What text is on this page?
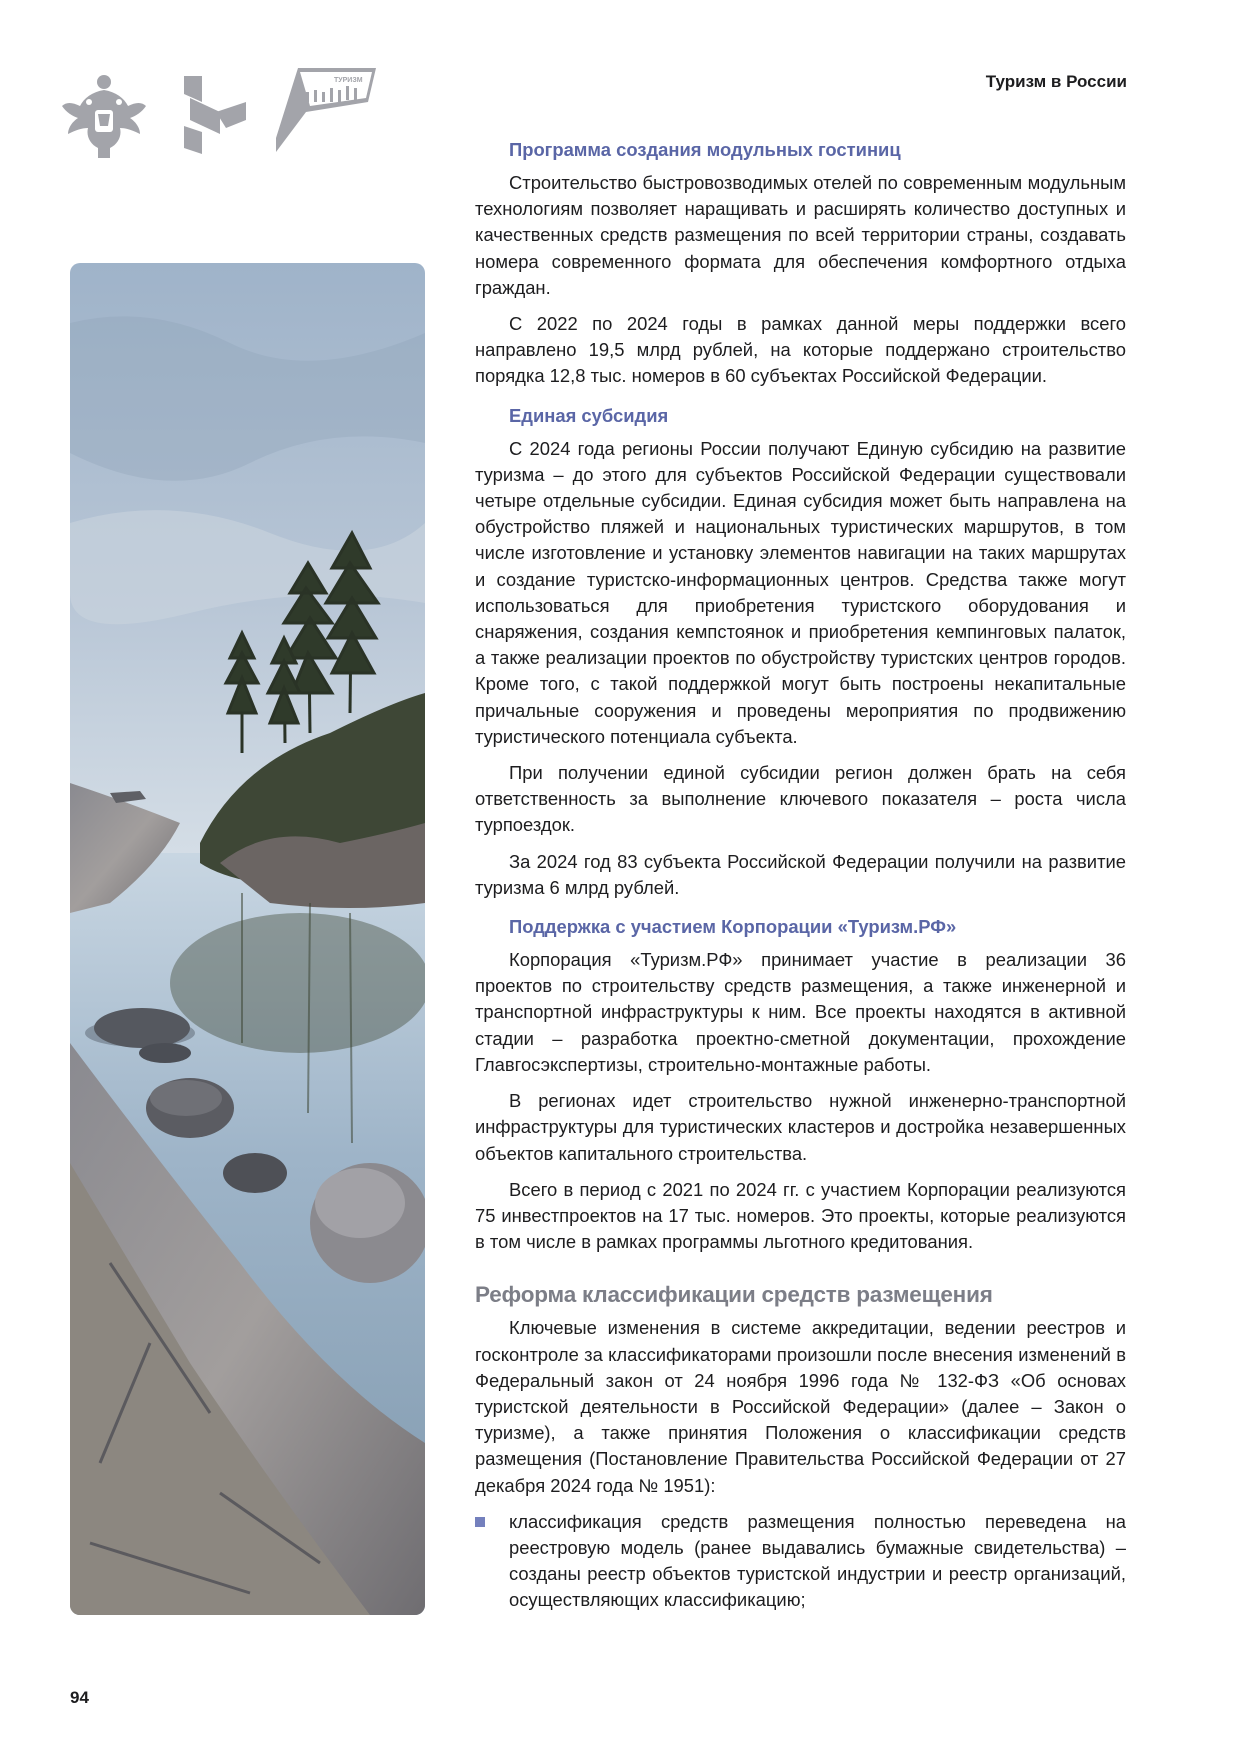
ТУРИЗМ	Туризм в России
Программа создания модульных гостиниц

Строительство быстровозводимых отелей по современным модульным технологиям позволяет наращивать и расширять количество доступных и качественных средств размещения по всей территории страны, создавать номера современного формата для обеспечения комфортного отдыха граждан.

С 2022 по 2024 годы в рамках данной меры поддержки всего направлено 19,5 млрд рублей, на которые поддержано строительство порядка 12,8 тыс. номеров в 60 субъектах Российской Федерации.

Единая субсидия

С 2024 года регионы России получают Единую субсидию на развитие туризма – до этого для субъектов Российской Федерации существовали четыре отдельные субсидии. Единая субсидия может быть направлена на обустройство пляжей и национальных туристических маршрутов, в том числе изготовление и установку элементов навигации на таких маршрутах и создание туристско-информационных центров. Средства также могут использоваться для приобретения туристского оборудования и снаряжения, создания кемпстоянок и приобретения кемпинговых палаток, а также реализации проектов по обустройству туристских центров городов. Кроме того, с такой поддержкой могут быть построены некапитальные причальные сооружения и проведены мероприятия по продвижению туристического потенциала субъекта.

При получении единой субсидии регион должен брать на себя ответственность за выполнение ключевого показателя – роста числа турпоездок.

За 2024 год 83 субъекта Российской Федерации получили на развитие туризма 6 млрд рублей.

Поддержка с участием Корпорации «Туризм.РФ»

Корпорация «Туризм.РФ» принимает участие в реализации 36 проектов по строительству средств размещения, а также инженерной и транспортной инфраструктуры к ним. Все проекты находятся в активной стадии – разработка проектно-сметной документации, прохождение Главгосэкспертизы, строительно-монтажные работы.

В регионах идет строительство нужной инженерно-транспортной инфраструктуры для туристических кластеров и достройка незавершенных объектов капитального строительства.

Всего в период с 2021 по 2024 гг. с участием Корпорации реализуются 75 инвестпроектов на 17 тыс. номеров. Это проекты, которые реализуются в том числе в рамках программы льготного кредитования.

Реформа классификации средств размещения

Ключевые изменения в системе аккредитации, ведении реестров и госконтроле за классификаторами произошли после внесения изменений в Федеральный закон от 24 ноября 1996 года № 132-ФЗ «Об основах туристской деятельности в Российской Федерации» (далее – Закон о туризме), а также принятия Положения о классификации средств размещения (Постановление Правительства Российской Федерации от 27 декабря 2024 года № 1951):

классификация средств размещения полностью переведена на реестровую модель (ранее выдавались бумажные свидетельства) – созданы реестр объектов туристской индустрии и реестр организаций, осуществляющих классификацию;
94
